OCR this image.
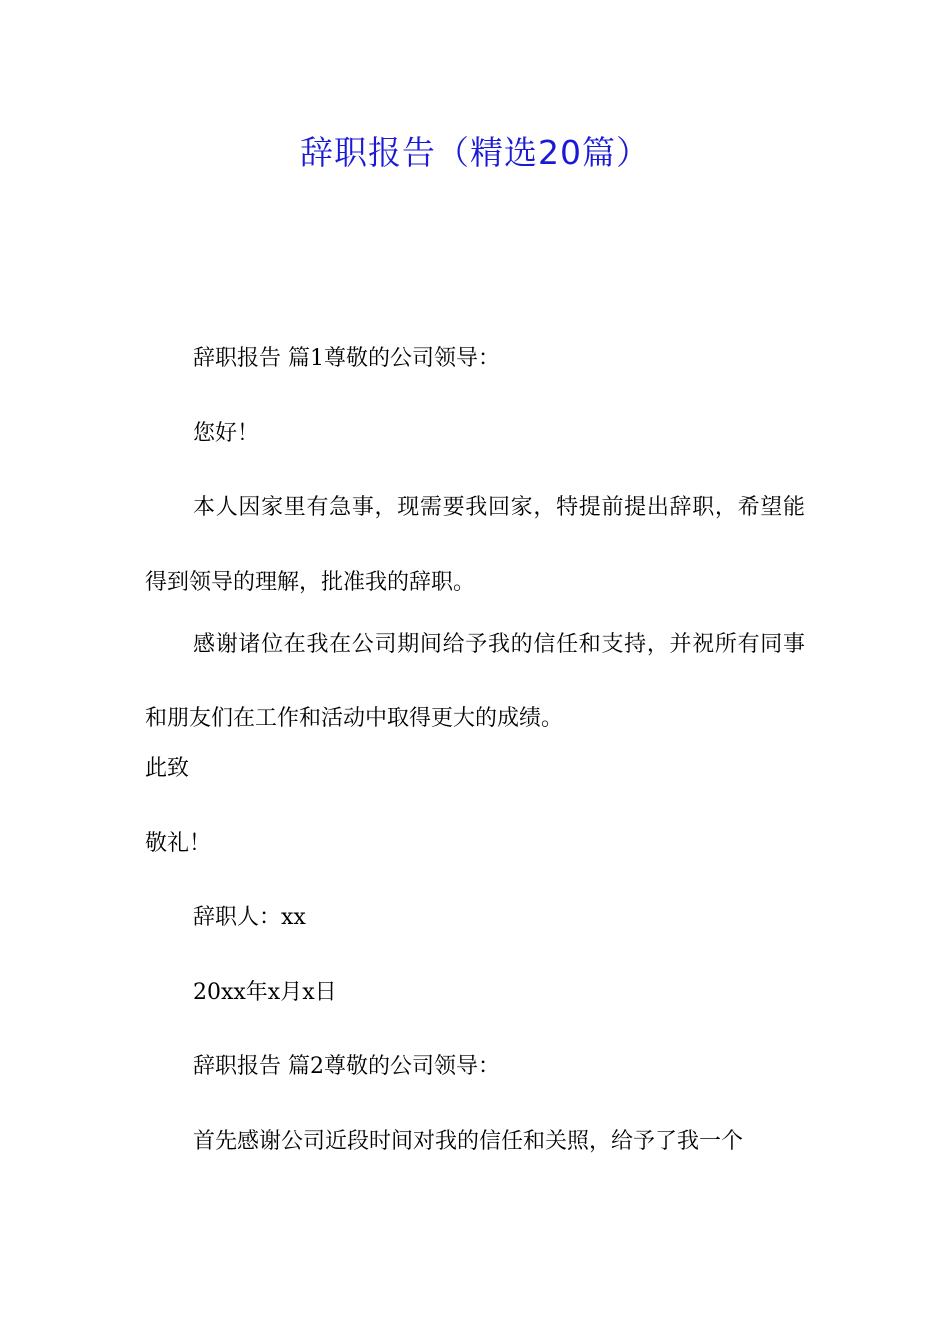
辞职报告（精选20篇）

辞职报告 篇1尊敬的公司领导：

您好！

本人因家里有急事，现需要我回家，特提前提出辞职，希望能得到领导的理解，批准我的辞职。

感谢诸位在我在公司期间给予我的信任和支持，并祝所有同事和朋友们在工作和活动中取得更大的成绩。

此致

敬礼！

辞职人：xx

20xx年x月x日

辞职报告 篇2尊敬的公司领导：

首先感谢公司近段时间对我的信任和关照，给予了我一个
